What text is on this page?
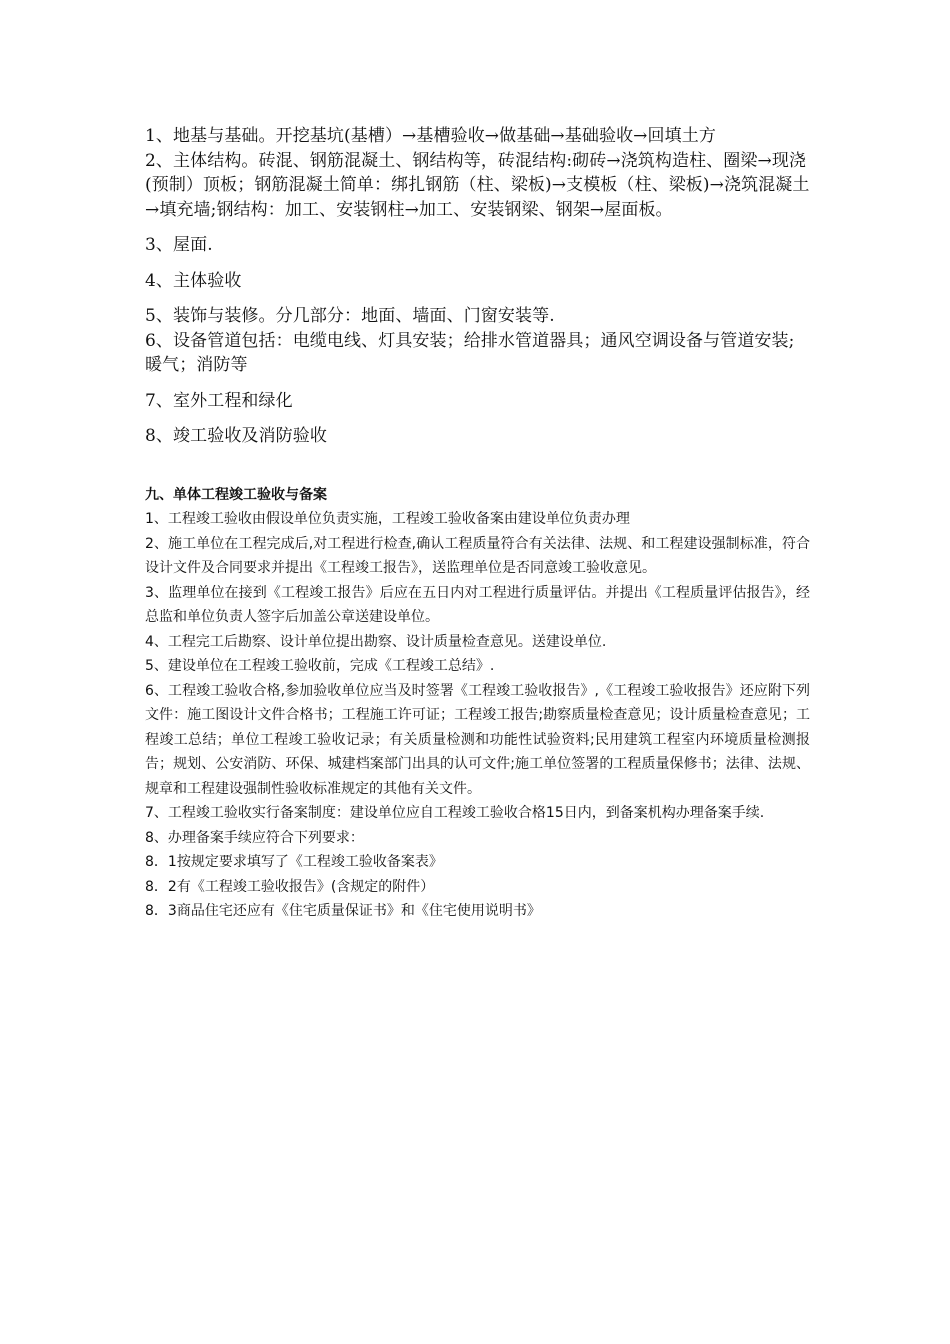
1、地基与基础。开挖基坑(基槽）→基槽验收→做基础→基础验收→回填土方

2、主体结构。砖混、钢筋混凝土、钢结构等，砖混结构:砌砖→浇筑构造柱、圈梁→现浇(预制）顶板；钢筋混凝土简单：绑扎钢筋（柱、梁板)→支模板（柱、梁板)→浇筑混凝土→填充墙;钢结构：加工、安装钢柱→加工、安装钢梁、钢架→屋面板。

3、屋面.

4、主体验收

5、装饰与装修。分几部分：地面、墙面、门窗安装等.

6、设备管道包括：电缆电线、灯具安装；给排水管道器具；通风空调设备与管道安装;暖气；消防等

7、室外工程和绿化

8、竣工验收及消防验收

九、单体工程竣工验收与备案

1、工程竣工验收由假设单位负责实施，工程竣工验收备案由建设单位负责办理

2、施工单位在工程完成后,对工程进行检查,确认工程质量符合有关法律、法规、和工程建设强制标准，符合设计文件及合同要求并提出《工程竣工报告》，送监理单位是否同意竣工验收意见。

3、监理单位在接到《工程竣工报告》后应在五日内对工程进行质量评估。并提出《工程质量评估报告》，经总监和单位负责人签字后加盖公章送建设单位。

4、工程完工后勘察、设计单位提出勘察、设计质量检查意见。送建设单位.

5、建设单位在工程竣工验收前，完成《工程竣工总结》.

6、工程竣工验收合格,参加验收单位应当及时签署《工程竣工验收报告》,《工程竣工验收报告》还应附下列文件：施工图设计文件合格书；工程施工许可证；工程竣工报告;勘察质量检查意见；设计质量检查意见；工程竣工总结；单位工程竣工验收记录；有关质量检测和功能性试验资料;民用建筑工程室内环境质量检测报告；规划、公安消防、环保、城建档案部门出具的认可文件;施工单位签署的工程质量保修书；法律、法规、规章和工程建设强制性验收标准规定的其他有关文件。

7、工程竣工验收实行备案制度：建设单位应自工程竣工验收合格15日内，到备案机构办理备案手续.

8、办理备案手续应符合下列要求：

8．1按规定要求填写了《工程竣工验收备案表》

8．2有《工程竣工验收报告》(含规定的附件）

8．3商品住宅还应有《住宅质量保证书》和《住宅使用说明书》
